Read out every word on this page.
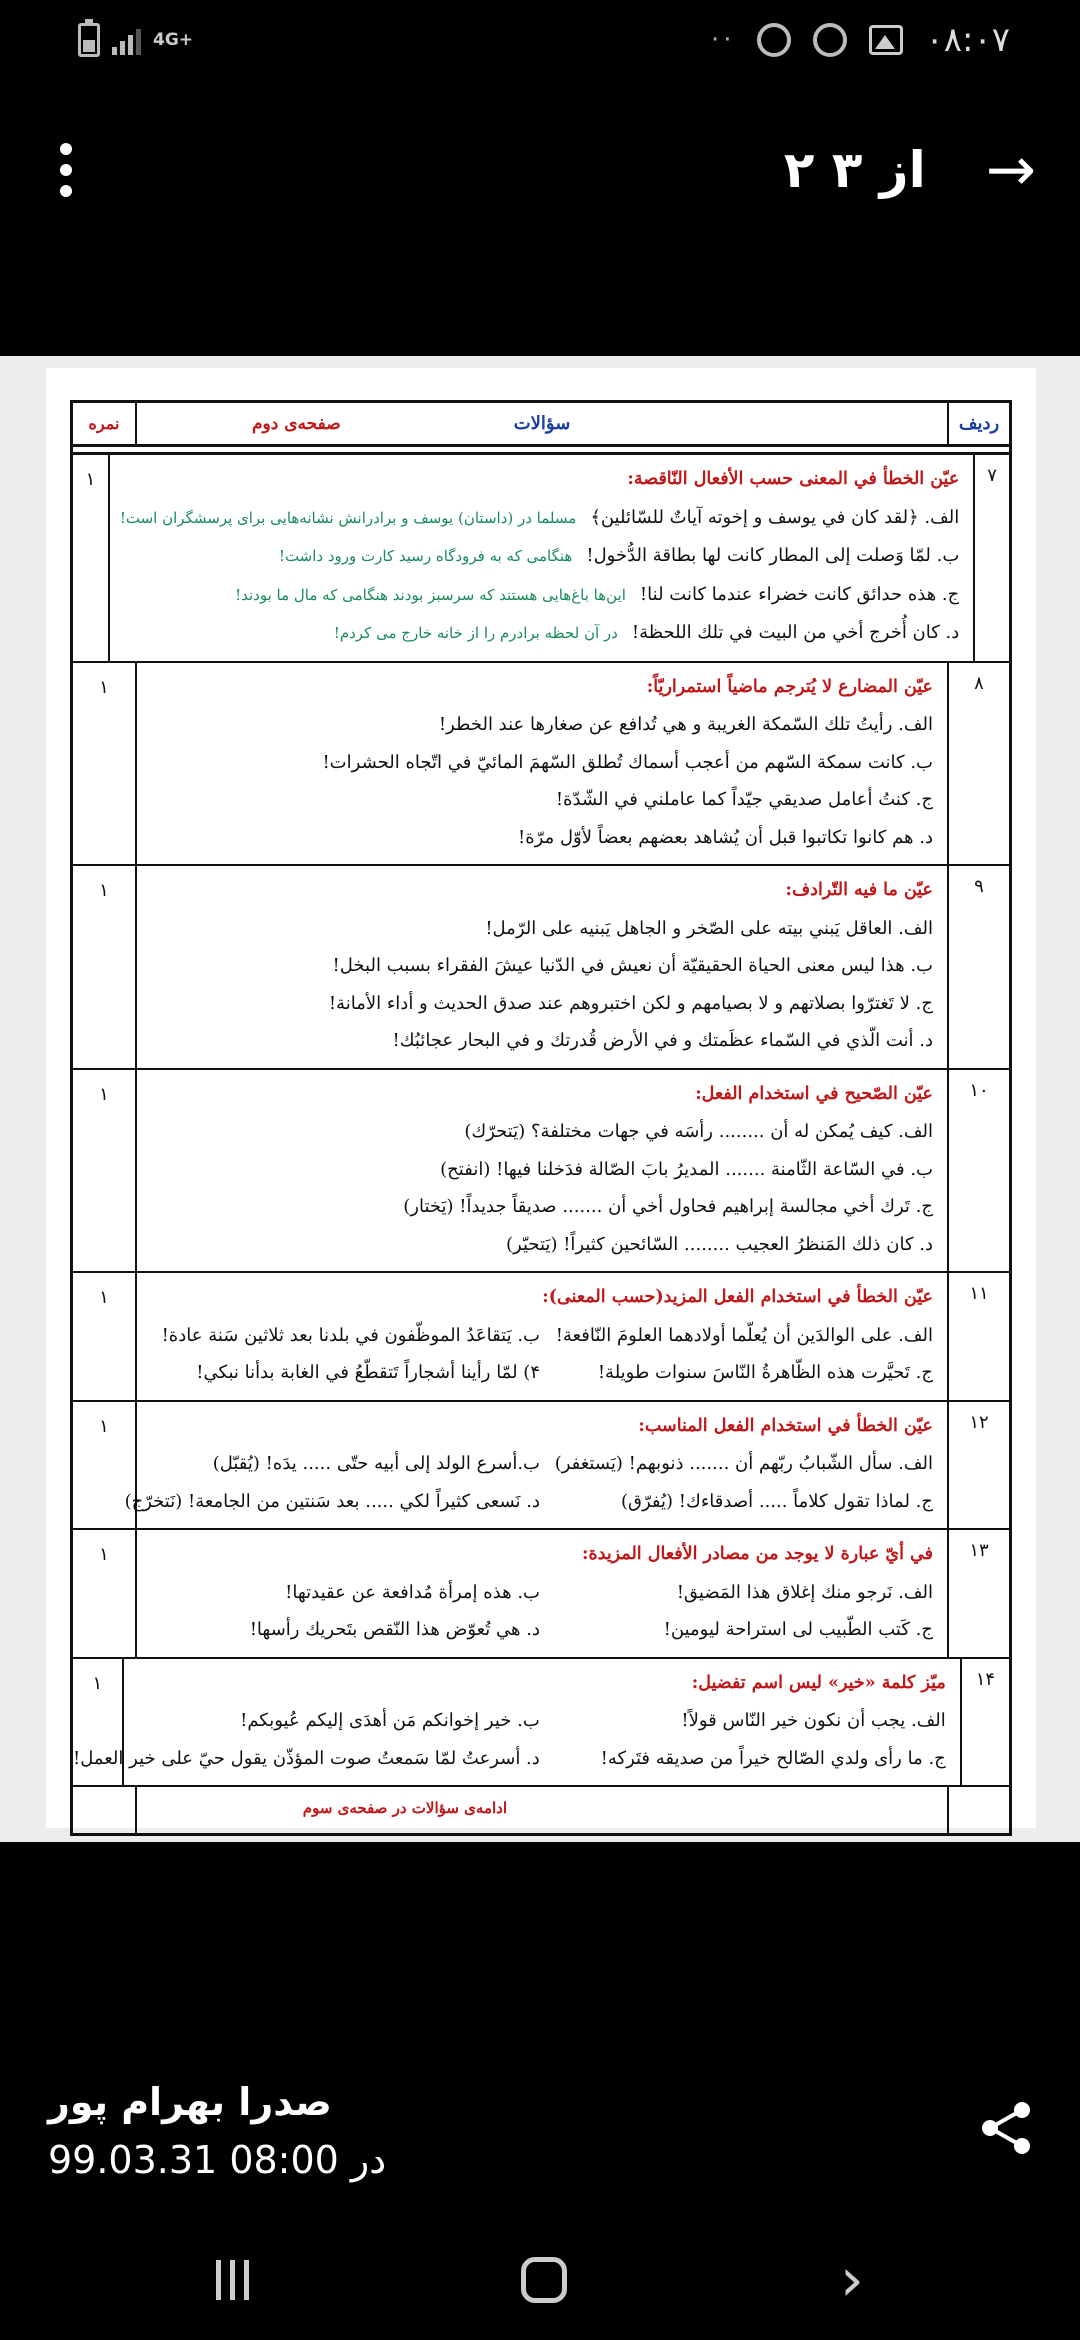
4G+	··	۰۸:۰۷
۲ از ۳ →
ردیف
سؤالات
صفحه‌ی دوم
نمره
۷
عيّن الخطأ في المعنى حسب الأفعال النّاقصة:
الف. ﴿لقد كان في يوسف و إخوته آياتٌ للسّائلين﴾مسلما در (داستان) يوسف و برادرانش نشانه‌هایی برای پرسشگران است!
ب. لمّا وَصلت إلى المطار كانت لها بطاقة الدُّخول!هنگامی که به فرودگاه رسید کارت ورود داشت!
ج. هذه حدائق كانت خضراء عندما كانت لنا!این‌ها باغ‌هایی هستند که سرسبز بودند هنگامی که مال ما بودند!
د. كان أُخرج أخي من البيت في تلك اللحظة!در آن لحظه برادرم را از خانه خارج می کردم!
۱
۸
عيّن المضارع لا يُترجم ماضياً استمراريّاً:
الف. رأيتُ تلك السّمكة الغريبة و هي تُدافع عن صغارها عند الخطر!
ب. كانت سمكة السّهم من أعجب أسماك تُطلق السّهمَ المائيّ في اتّجاه الحشرات!
ج. كنتُ أعامل صديقي جيّداً كما عاملني في الشّدّة!
د. هم كانوا تكاتبوا قبل أن يُشاهد بعضهم بعضاً لأوّل مرّة!
۱
۹
عيّن ما فيه التّرادف:
الف. العاقل يَبني بيته علی الصّخر و الجاهل يَبنيه علی الرّمل!
ب. هذا ليس معنی الحياة الحقيقيّة أن نعيش في الدّنيا عيشَ الفقراء بسبب البخل!
ج. لا تَغترّوا بصلاتهم و لا بصيامهم و لكن اختبروهم عند صدق الحديث و أداء الأمانة!
د. أنت الّذي في السّماء عظَمتك و في الأرض قُدرتك و في البحار عجائبُك!
۱
۱۰
عيّن الصّحيح في استخدام الفعل:
الف. كيف يُمكن له أن ........ رأسَه في جهات مختلفة؟ (يَتحرّك)
ب. في السّاعة الثّامنة ....... المديرُ بابَ الصّالة فدَخلنا فيها! (انفتح)
ج. تَرك أخي مجالسة إبراهيم فحاول أخي أن ....... صديقاً جديداً! (يَختار)
د. كان ذلك المَنظرُ العجيب ........ السّائحين كثيراً! (يَتحيّر)
۱
۱۱
عيّن الخطأ في استخدام الفعل المزيد(حسب المعنی):
الف. علی الوالدَين أن يُعلّما أولادهما العلومَ النّافعة!
ب. يَتقاعَدُ الموظّفون في بلدنا بعد ثلاثين سَنة عادة!
ج. تَحيَّرت هذه الظّاهرةُ النّاسَ سنوات طويلة!
۴) لمّا رأينا أشجاراً تَتقطّعُ في الغابة بدأنا نبكي!
۱
۱۲
عيّن الخطأ في استخدام الفعل المناسب:
الف. سأل الشّبابُ ربّهم أن ....... ذنوبهم! (يَستغفر)
ب.أسرع الولد إلى أبيه حتّی ..... يدَه! (يُقبّل)
ج. لماذا تقول كلاماً ..... أصدقاءك! (يُفرّق)
د. نَسعی كثيراً لكي ..... بعد سَنتين من الجامعة! (نَتخرّج)
۱
۱۳
في أيّ عبارة لا يوجد من مصادر الأفعال المزيدة:
الف. نَرجو منك إغلاق هذا المَضيق!
ب. هذه إمرأة مُدافعة عن عقيدتها!
ج. كَتب الطّبيب لی استراحة ليومين!
د. هي تُعوّض هذا النّقص بتَحريك رأسها!
۱
۱۴
ميّز كلمة «خير» ليس اسم تفضيل:
الف. يجب أن نكون خير النّاس قولاً!
ب. خير إخوانكم مَن أهدَی إليكم عُيوبكم!
ج. ما رأی ولدي الصّالح خيراً من صديقه فتَركه!
د. أسرعتُ لمّا سَمعتُ صوت المؤذّن يقول حيّ علی خير العمل!
۱
ادامه‌ی سؤالات در صفحه‌ی سوم
صدرا بهرام پور
99.03.31 در 08:00
›
